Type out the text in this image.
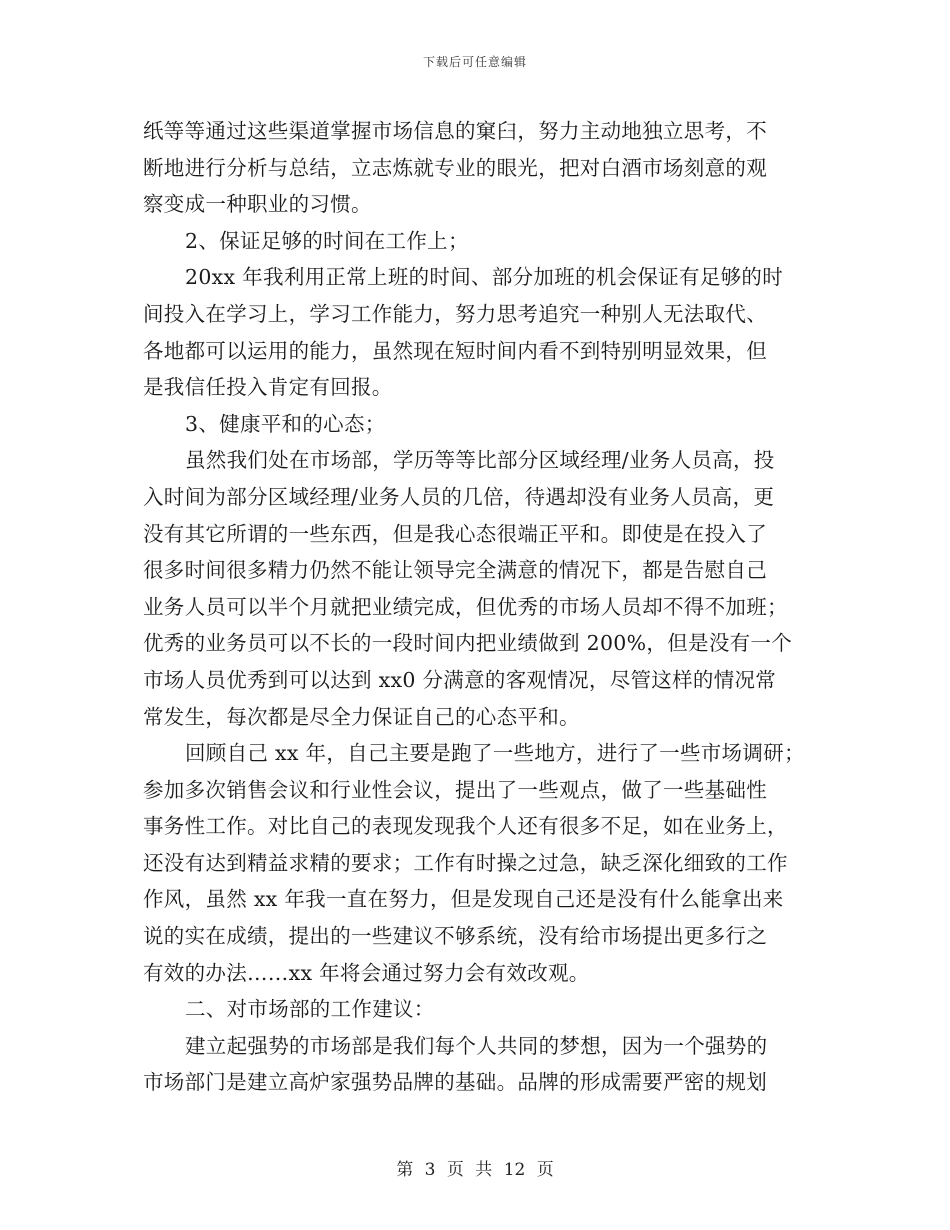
下载后可任意编辑
纸等等通过这些渠道掌握市场信息的窠臼，努力主动地独立思考，不
断地进行分析与总结，立志炼就专业的眼光，把对白酒市场刻意的观
察变成一种职业的习惯。
2、保证足够的时间在工作上；
20xx 年我利用正常上班的时间、部分加班的机会保证有足够的时
间投入在学习上，学习工作能力，努力思考追究一种别人无法取代、
各地都可以运用的能力，虽然现在短时间内看不到特别明显效果，但
是我信任投入肯定有回报。
3、健康平和的心态；
虽然我们处在市场部，学历等等比部分区域经理/业务人员高，投
入时间为部分区域经理/业务人员的几倍，待遇却没有业务人员高，更
没有其它所谓的一些东西，但是我心态很端正平和。即使是在投入了
很多时间很多精力仍然不能让领导完全满意的情况下，都是告慰自己
业务人员可以半个月就把业绩完成，但优秀的市场人员却不得不加班；
优秀的业务员可以不长的一段时间内把业绩做到 200%，但是没有一个
市场人员优秀到可以达到 xx0 分满意的客观情况，尽管这样的情况常
常发生，每次都是尽全力保证自己的心态平和。
回顾自己 xx 年，自己主要是跑了一些地方，进行了一些市场调研；
参加多次销售会议和行业性会议，提出了一些观点，做了一些基础性
事务性工作。对比自己的表现发现我个人还有很多不足，如在业务上，
还没有达到精益求精的要求；工作有时操之过急，缺乏深化细致的工作
作风，虽然 xx 年我一直在努力，但是发现自己还是没有什么能拿出来
说的实在成绩，提出的一些建议不够系统，没有给市场提出更多行之
有效的办法……xx 年将会通过努力会有效改观。
二、对市场部的工作建议：
建立起强势的市场部是我们每个人共同的梦想，因为一个强势的
市场部门是建立高炉家强势品牌的基础。品牌的形成需要严密的规划
第 3 页 共 12 页
